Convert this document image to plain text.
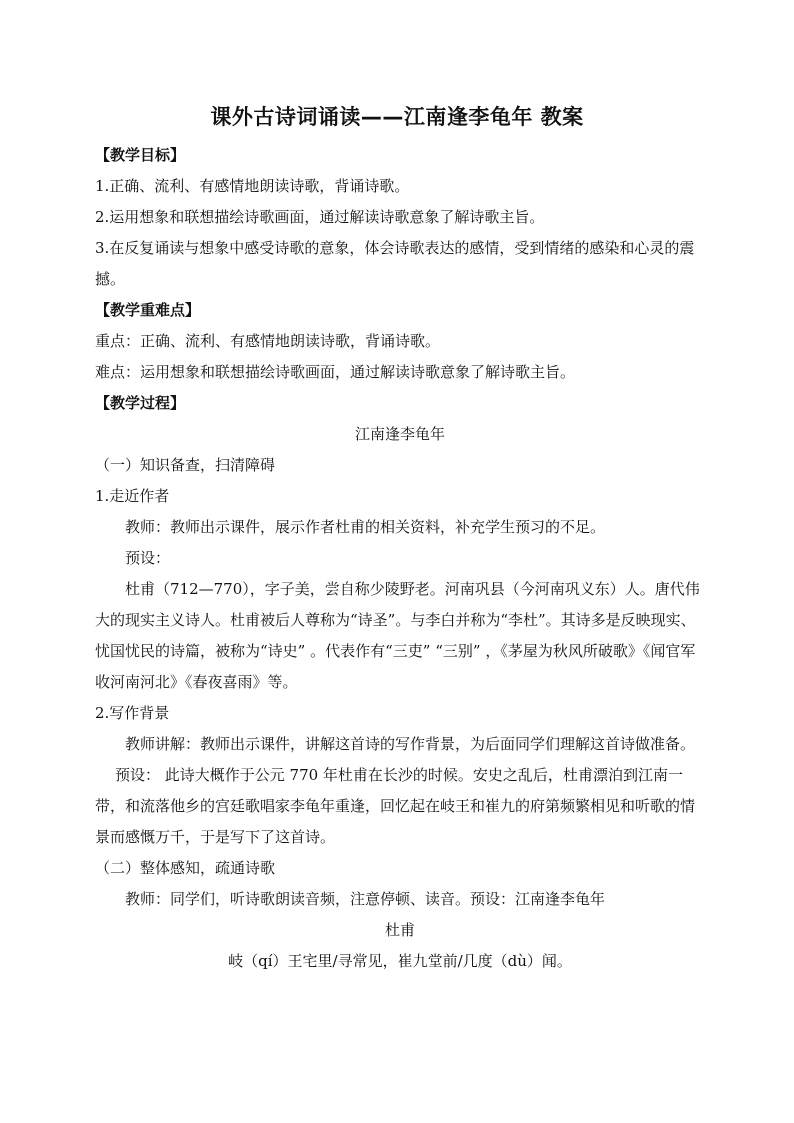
课外古诗词诵读——江南逢李龟年 教案

【教学目标】

1.正确、流利、有感情地朗读诗歌，背诵诗歌。

2.运用想象和联想描绘诗歌画面，通过解读诗歌意象了解诗歌主旨。

3.在反复诵读与想象中感受诗歌的意象，体会诗歌表达的感情，受到情绪的感染和心灵的震撼。

【教学重难点】

重点：正确、流利、有感情地朗读诗歌，背诵诗歌。

难点：运用想象和联想描绘诗歌画面，通过解读诗歌意象了解诗歌主旨。

【教学过程】

江南逢李龟年

（一）知识备查，扫清障碍

1.走近作者

教师：教师出示课件，展示作者杜甫的相关资料，补充学生预习的不足。

预设：

杜甫（712—770），字子美，尝自称少陵野老。河南巩县（今河南巩义东）人。唐代伟大的现实主义诗人。杜甫被后人尊称为“诗圣”。与李白并称为“李杜”。其诗多是反映现实、忧国忧民的诗篇，被称为“诗史” 。代表作有“三吏” “三别” ，《茅屋为秋风所破歌》《闻官军收河南河北》《春夜喜雨》等。

2.写作背景

教师讲解：教师出示课件，讲解这首诗的写作背景，为后面同学们理解这首诗做准备。

预设： 此诗大概作于公元 770 年杜甫在长沙的时候。安史之乱后，杜甫漂泊到江南一带，和流落他乡的宫廷歌唱家李龟年重逢，回忆起在岐王和崔九的府第频繁相见和听歌的情景而感慨万千，于是写下了这首诗。

（二）整体感知，疏通诗歌

教师：同学们，听诗歌朗读音频，注意停顿、读音。预设：江南逢李龟年

杜甫

岐（qí）王宅里/寻常见，崔九堂前/几度（dù）闻。
